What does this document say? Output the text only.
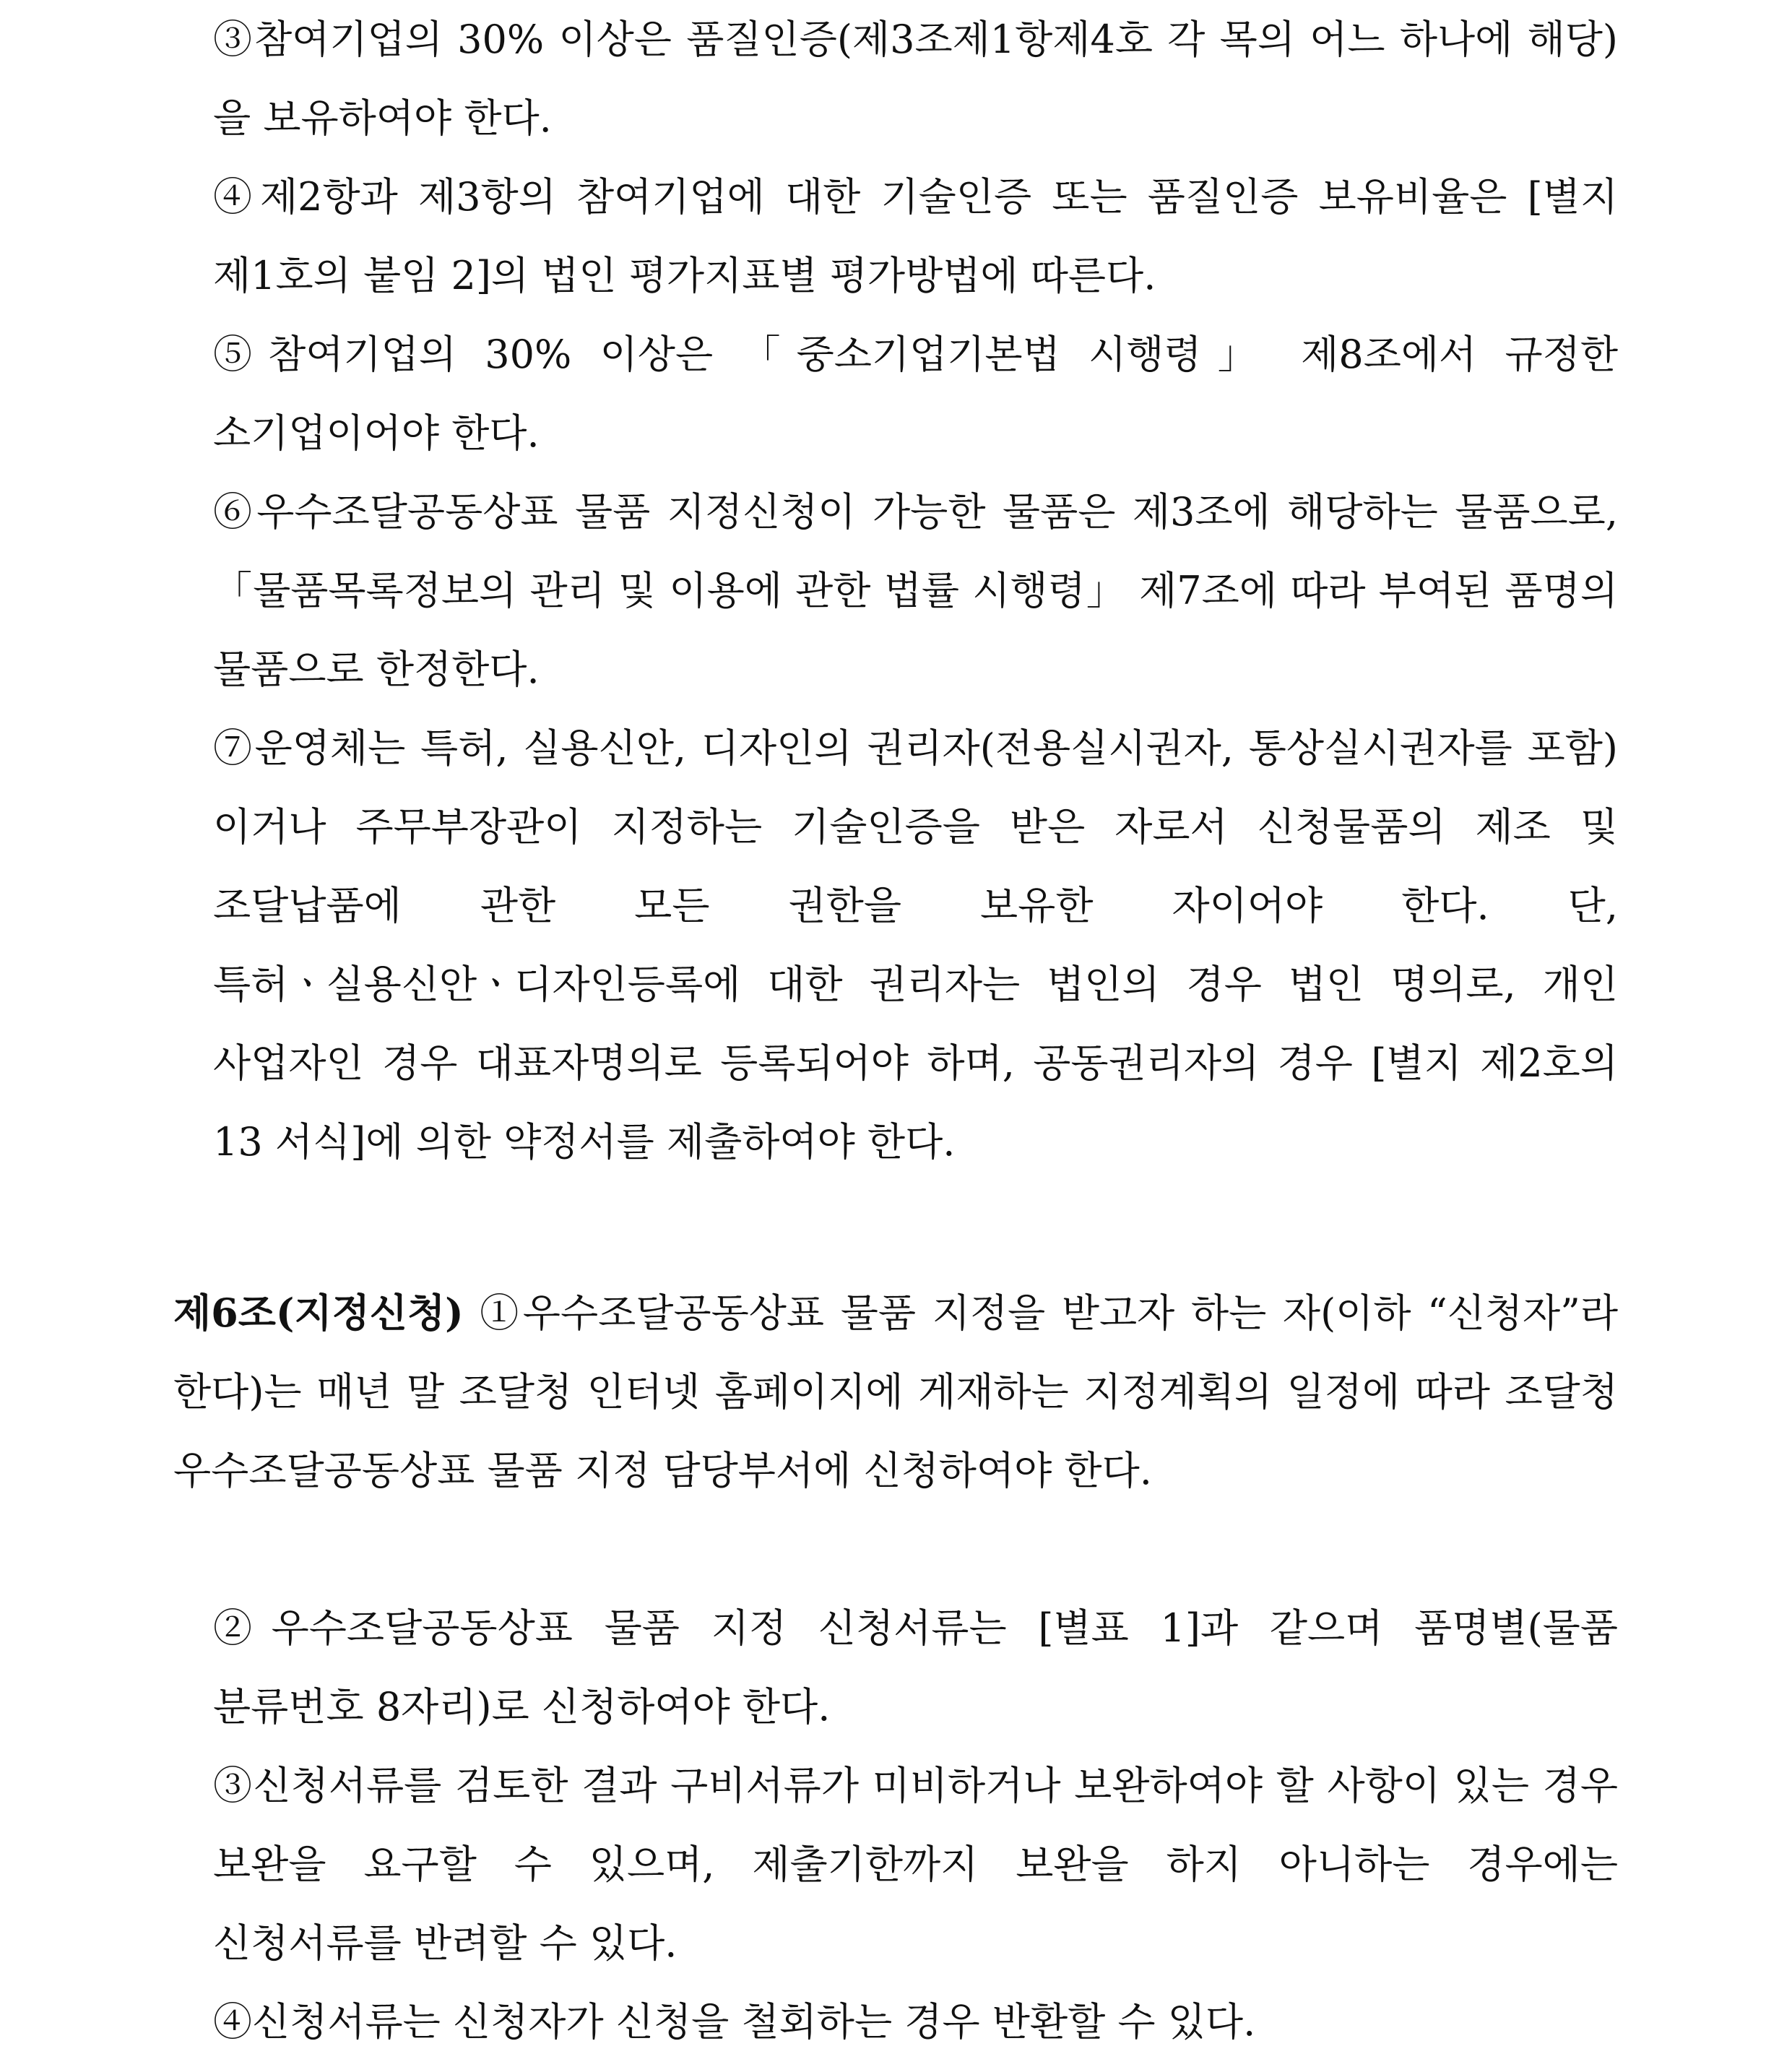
③참여기업의 30% 이상은 품질인증(제3조제1항제4호 각 목의 어느 하나에 해당)을 보유하여야 한다.

④제2항과 제3항의 참여기업에 대한 기술인증 또는 품질인증 보유비율은 [별지 제1호의 붙임 2]의 법인 평가지표별 평가방법에 따른다.

⑤참여기업의 30% 이상은 「중소기업기본법 시행령」 제8조에서 규정한 소기업이어야 한다.

⑥우수조달공동상표 물품 지정신청이 가능한 물품은 제3조에 해당하는 물품으로, 「물품목록정보의 관리 및 이용에 관한 법률 시행령」 제7조에 따라 부여된 품명의 물품으로 한정한다.

⑦운영체는 특허, 실용신안, 디자인의 권리자(전용실시권자, 통상실시권자를 포함)이거나 주무부장관이 지정하는 기술인증을 받은 자로서 신청물품의 제조 및 조달납품에 관한 모든 권한을 보유한 자이어야 한다. 단, 특허ㆍ실용신안ㆍ디자인등록에 대한 권리자는 법인의 경우 법인 명의로, 개인 사업자인 경우 대표자명의로 등록되어야 하며, 공동권리자의 경우 [별지 제2호의 13 서식]에 의한 약정서를 제출하여야 한다.

제6조(지정신청) ①우수조달공동상표 물품 지정을 받고자 하는 자(이하 “신청자”라 한다)는 매년 말 조달청 인터넷 홈페이지에 게재하는 지정계획의 일정에 따라 조달청 우수조달공동상표 물품 지정 담당부서에 신청하여야 한다.

②우수조달공동상표 물품 지정 신청서류는 [별표 1]과 같으며 품명별(물품 분류번호 8자리)로 신청하여야 한다.

③신청서류를 검토한 결과 구비서류가 미비하거나 보완하여야 할 사항이 있는 경우 보완을 요구할 수 있으며, 제출기한까지 보완을 하지 아니하는 경우에는 신청서류를 반려할 수 있다.

④신청서류는 신청자가 신청을 철회하는 경우 반환할 수 있다.
